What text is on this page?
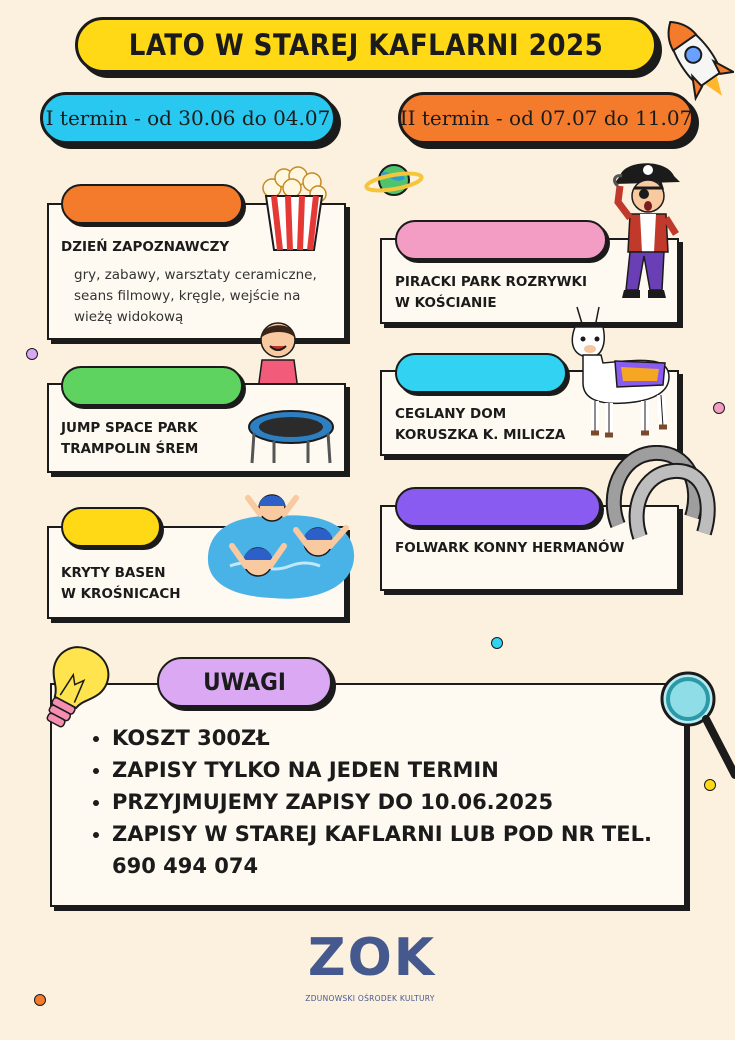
LATO W STAREJ KAFLARNI 2025
I termin - od 30.06 do 04.07	II termin - od 07.07 do 11.07
DZIEŃ ZAPOZNAWCZY
gry, zabawy, warsztaty ceramiczne,
seans filmowy, kręgle, wejście na
wieżę widokową
JUMP SPACE PARK
TRAMPOLIN ŚREM
KRYTY BASEN
W KROŚNICACH
PIRACKI PARK ROZRYWKI
W KOŚCIANIE
CEGLANY DOM
KORUSZKA K. MILICZA
FOLWARK KONNY HERMANÓW
UWAGI
• KOSZT 300ZŁ
• ZAPISY TYLKO NA JEDEN TERMIN
• PRZYJMUJEMY ZAPISY DO 10.06.2025
• ZAPISY W STAREJ KAFLARNI LUB POD NR TEL. 690 494 074
ZOK
ZDUNOWSKI OŚRODEK KULTURY
